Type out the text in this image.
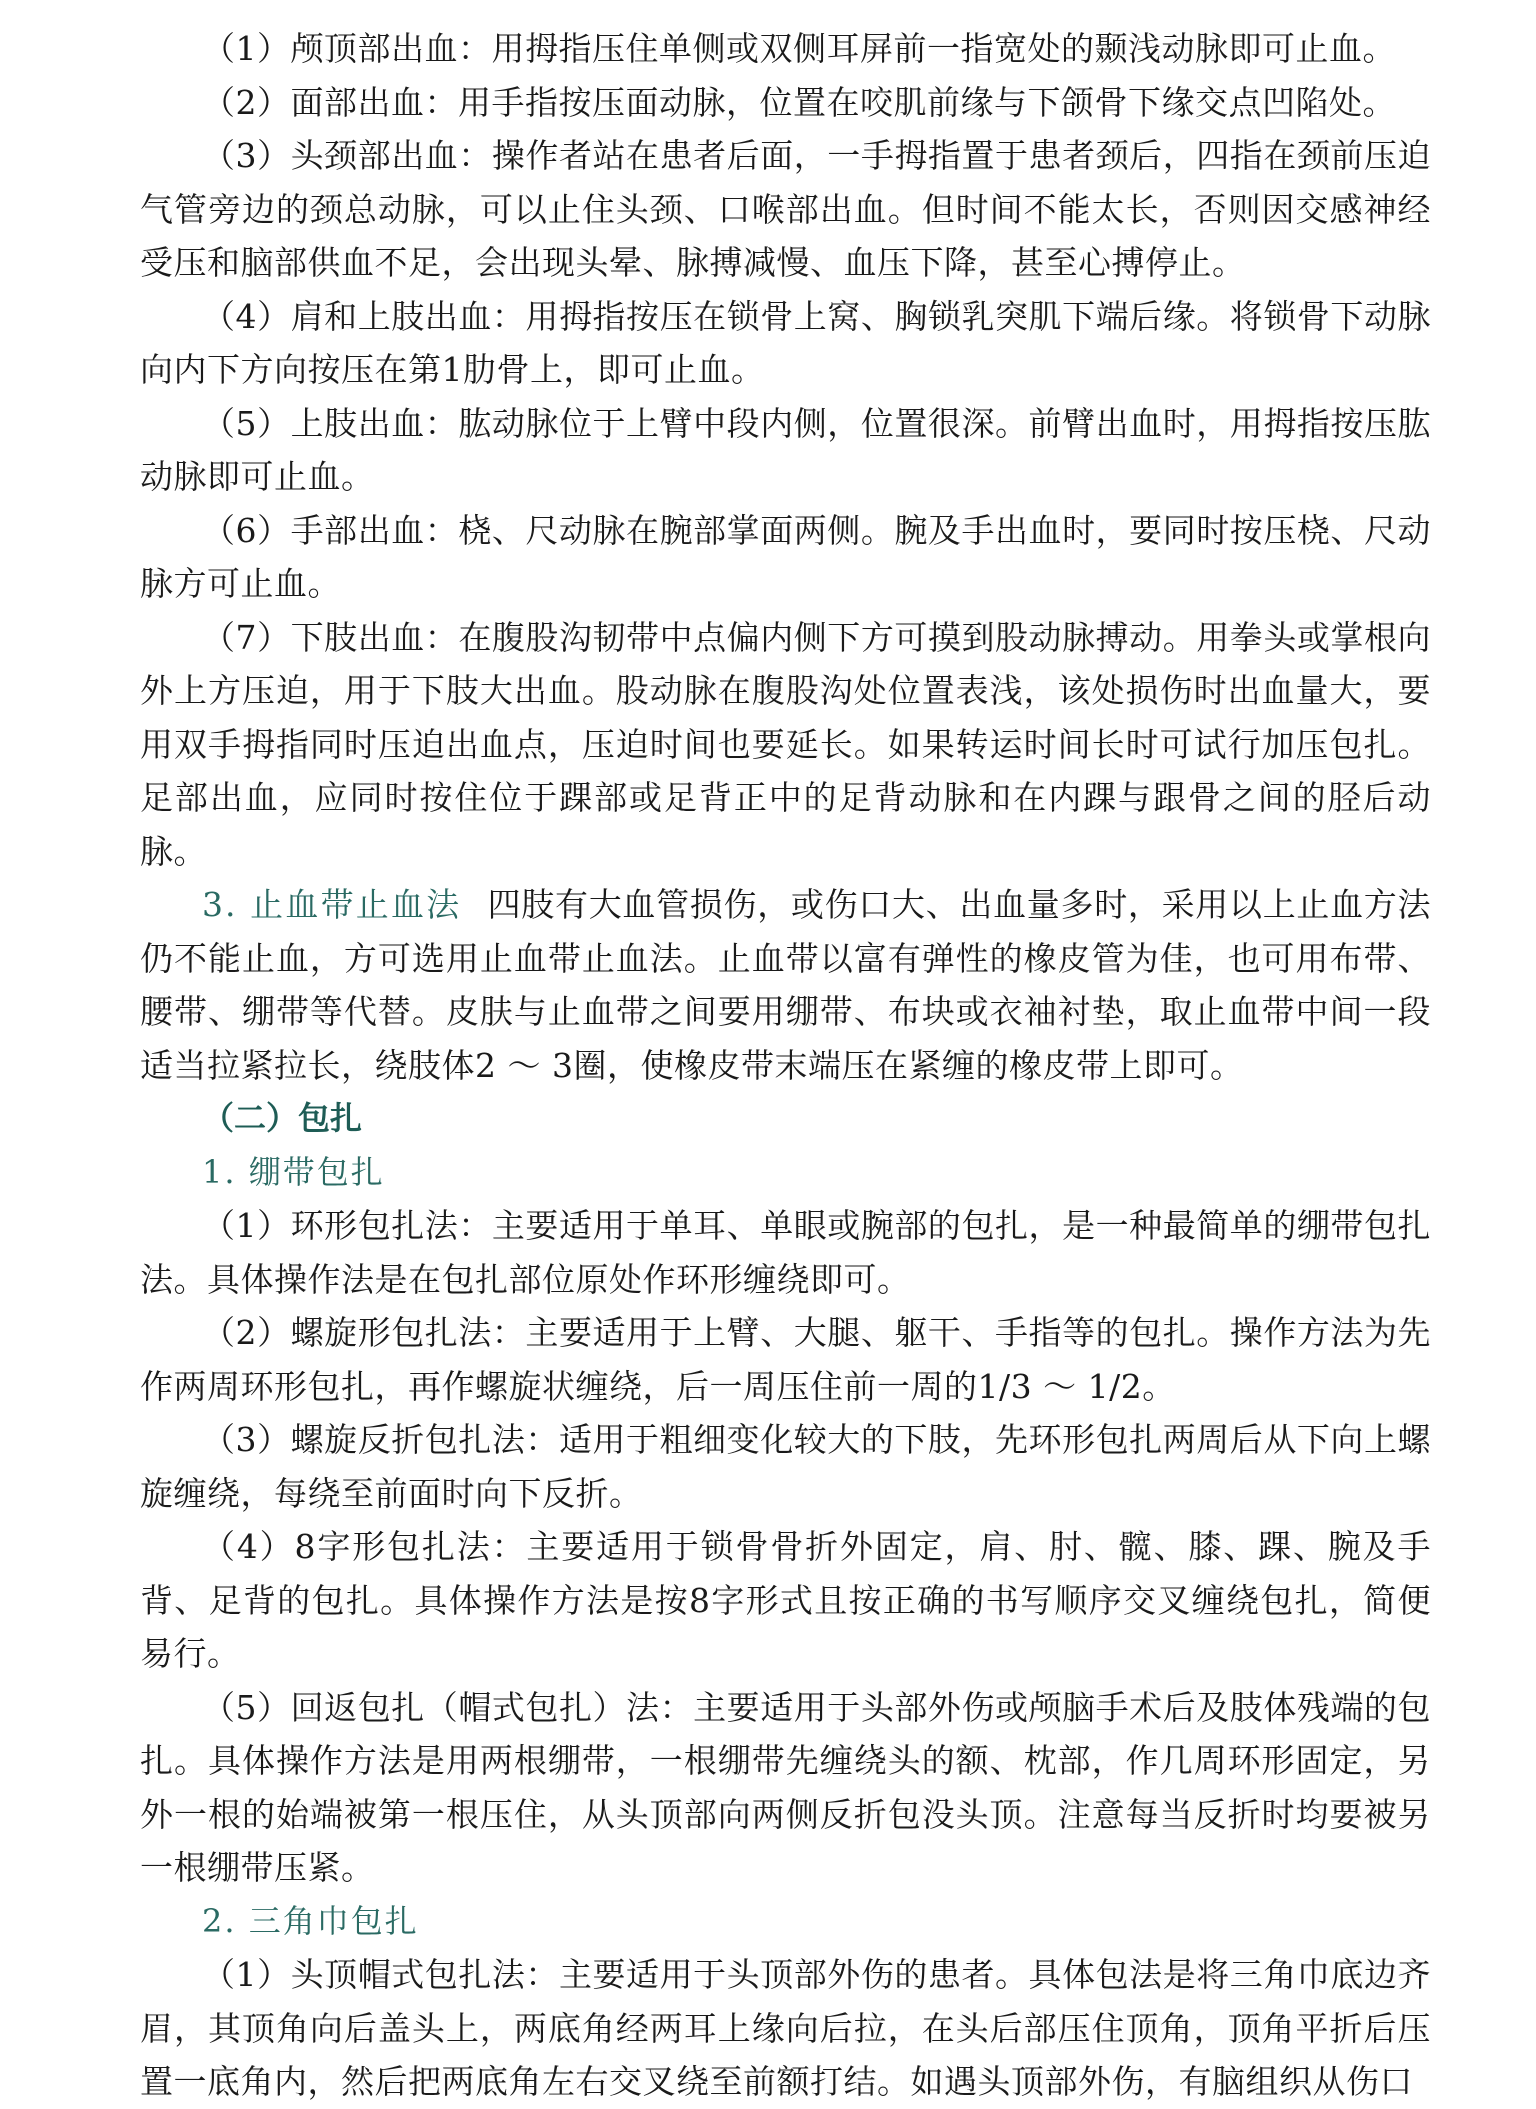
（1）颅顶部出血：用拇指压住单侧或双侧耳屏前一指宽处的颞浅动脉即可止血。

（2）面部出血：用手指按压面动脉，位置在咬肌前缘与下颌骨下缘交点凹陷处。

（3）头颈部出血：操作者站在患者后面，一手拇指置于患者颈后，四指在颈前压迫气管旁边的颈总动脉，可以止住头颈、口喉部出血。但时间不能太长，否则因交感神经受压和脑部供血不足，会出现头晕、脉搏减慢、血压下降，甚至心搏停止。

（4）肩和上肢出血：用拇指按压在锁骨上窝、胸锁乳突肌下端后缘。将锁骨下动脉向内下方向按压在第1肋骨上，即可止血。

（5）上肢出血：肱动脉位于上臂中段内侧，位置很深。前臂出血时，用拇指按压肱动脉即可止血。

（6）手部出血：桡、尺动脉在腕部掌面两侧。腕及手出血时，要同时按压桡、尺动脉方可止血。

（7）下肢出血：在腹股沟韧带中点偏内侧下方可摸到股动脉搏动。用拳头或掌根向外上方压迫，用于下肢大出血。股动脉在腹股沟处位置表浅，该处损伤时出血量大，要用双手拇指同时压迫出血点，压迫时间也要延长。如果转运时间长时可试行加压包扎。足部出血，应同时按住位于踝部或足背正中的足背动脉和在内踝与跟骨之间的胫后动脉。

3. 止血带止血法 四肢有大血管损伤，或伤口大、出血量多时，采用以上止血方法仍不能止血，方可选用止血带止血法。止血带以富有弹性的橡皮管为佳，也可用布带、腰带、绷带等代替。皮肤与止血带之间要用绷带、布块或衣袖衬垫，取止血带中间一段适当拉紧拉长，绕肢体2 ～ 3圈，使橡皮带末端压在紧缠的橡皮带上即可。

（二）包扎
1. 绷带包扎

（1）环形包扎法：主要适用于单耳、单眼或腕部的包扎，是一种最简单的绷带包扎法。具体操作法是在包扎部位原处作环形缠绕即可。

（2）螺旋形包扎法：主要适用于上臂、大腿、躯干、手指等的包扎。操作方法为先作两周环形包扎，再作螺旋状缠绕，后一周压住前一周的1/3 ～ 1/2。

（3）螺旋反折包扎法：适用于粗细变化较大的下肢，先环形包扎两周后从下向上螺旋缠绕，每绕至前面时向下反折。

（4）8字形包扎法：主要适用于锁骨骨折外固定，肩、肘、髋、膝、踝、腕及手背、足背的包扎。具体操作方法是按8字形式且按正确的书写顺序交叉缠绕包扎，简便易行。

（5）回返包扎（帽式包扎）法：主要适用于头部外伤或颅脑手术后及肢体残端的包扎。具体操作方法是用两根绷带，一根绷带先缠绕头的额、枕部，作几周环形固定，另外一根的始端被第一根压住，从头顶部向两侧反折包没头顶。注意每当反折时均要被另一根绷带压紧。

2. 三角巾包扎

（1）头顶帽式包扎法：主要适用于头顶部外伤的患者。具体包法是将三角巾底边齐眉，其顶角向后盖头上，两底角经两耳上缘向后拉，在头后部压住顶角，顶角平折后压置一底角内，然后把两底角左右交叉绕至前额打结。如遇头顶部外伤，有脑组织从伤口
